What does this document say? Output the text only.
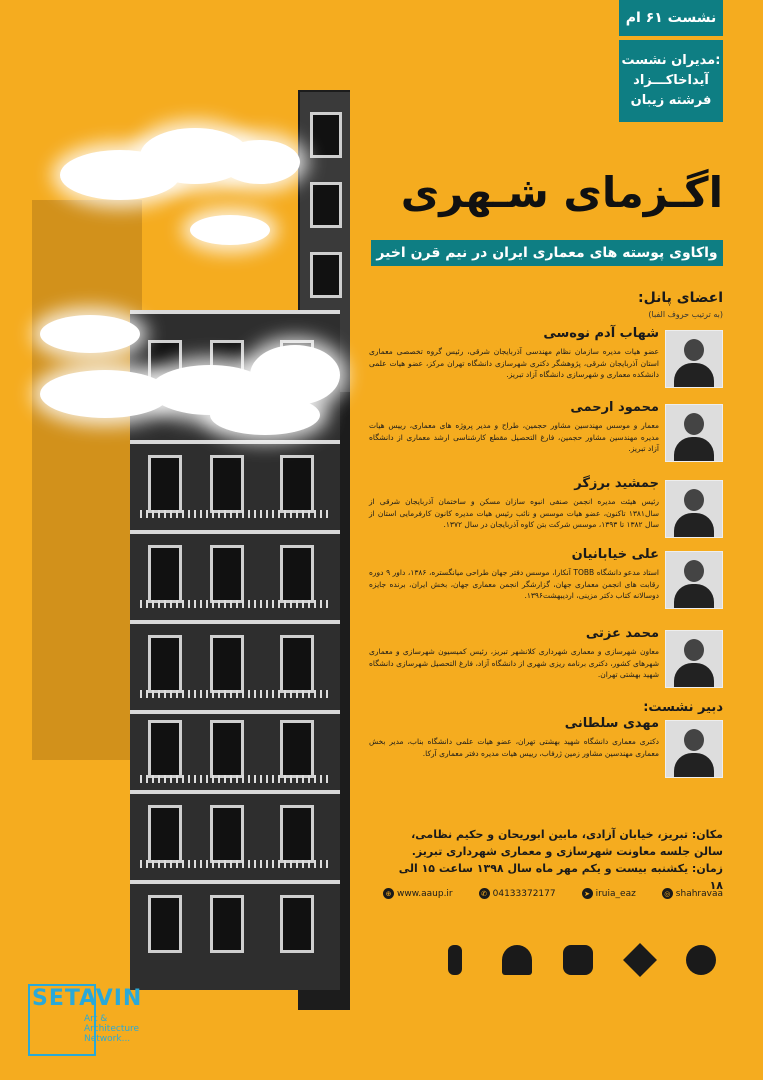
نشست ۶۱ ام
مدیران نشست:
آیداخاکـــزاد
فرشته زیبان
اگـزمای شـهری
واکاوی پوسته های معماری ایران در نیم قرن اخیر
اعضای پانل:
(به ترتیب حروف الفبا)
شهاب آدم نوه‌سی
عضو هیات مدیره سازمان نظام مهندسی آذربایجان شرقی، رئیس گروه تخصصی معماری استان آذربایجان شرقی، پژوهشگر دکتری شهرسازی دانشگاه تهران مرکز، عضو هیات علمی دانشکده معماری و شهرسازی دانشگاه آزاد تبریز.
محمود ارحمی
معمار و موسس مهندسین مشاور حجمین، طراح و مدیر پروژه های معماری، رییس هیات مدیره مهندسین مشاور حجمین، فارغ التحصیل مقطع کارشناسی ارشد معماری از دانشگاه آزاد تبریز.
جمشید برزگر
رئیس هیئت مدیره انجمن صنفی انبوه سازان مسکن و ساختمان آذربایجان شرقی از سال۱۳۸۱ تاکنون، عضو هیات موسس و نائب رئیس هیات مدیره کانون کارفرمایی استان از سال ۱۳۸۲ تا ۱۳۹۳، موسس شرکت بتن کاوه آذربایجان در سال ۱۳۷۲.
علی خیابانیان
استاد مدعو دانشگاه TOBB آنکارا، موسس دفتر جهان طراحی میانگستره، ۱۳۸۶، داور ۹ دوره رقابت های انجمن معماری جهان، گزارشگر انجمن معماری جهان، بخش ایران، برنده جایزه دوسالانه کتاب دکتر مزینی، اردیبهشت۱۳۹۶.
محمد عزتی
معاون شهرسازی و معماری شهرداری کلانشهر تبریز، رئیس کمیسیون شهرسازی و معماری شهرهای کشور، دکتری برنامه ریزی شهری از دانشگاه آزاد، فارغ التحصیل شهرسازی دانشگاه شهید بهشتی تهران.
دبیر نشست:
مهدی سلطانی
دکتری معماری دانشگاه شهید بهشتی تهران، عضو هیات علمی دانشگاه بناب، مدیر بخش معماری مهندسین مشاور زمین ژرفاب، رییس هیات مدیره دفتر معماری آرکا.
مکان: تبریز، خیابان آزادی، مابین ابوریحان و حکیم نظامی،
سالن جلسه معاونت شهرسازی و معماری شهرداری تبریز.
زمان: یکشنبه بیست و یکم مهر ماه سال ۱۳۹۸ ساعت ۱۵ الی ۱۸
◎ shahravaa
➤ iruia_eaz
✆ 04133372177
⊕ www.aaup.ir
SETAVIN
Art &
Architecture
Network...
